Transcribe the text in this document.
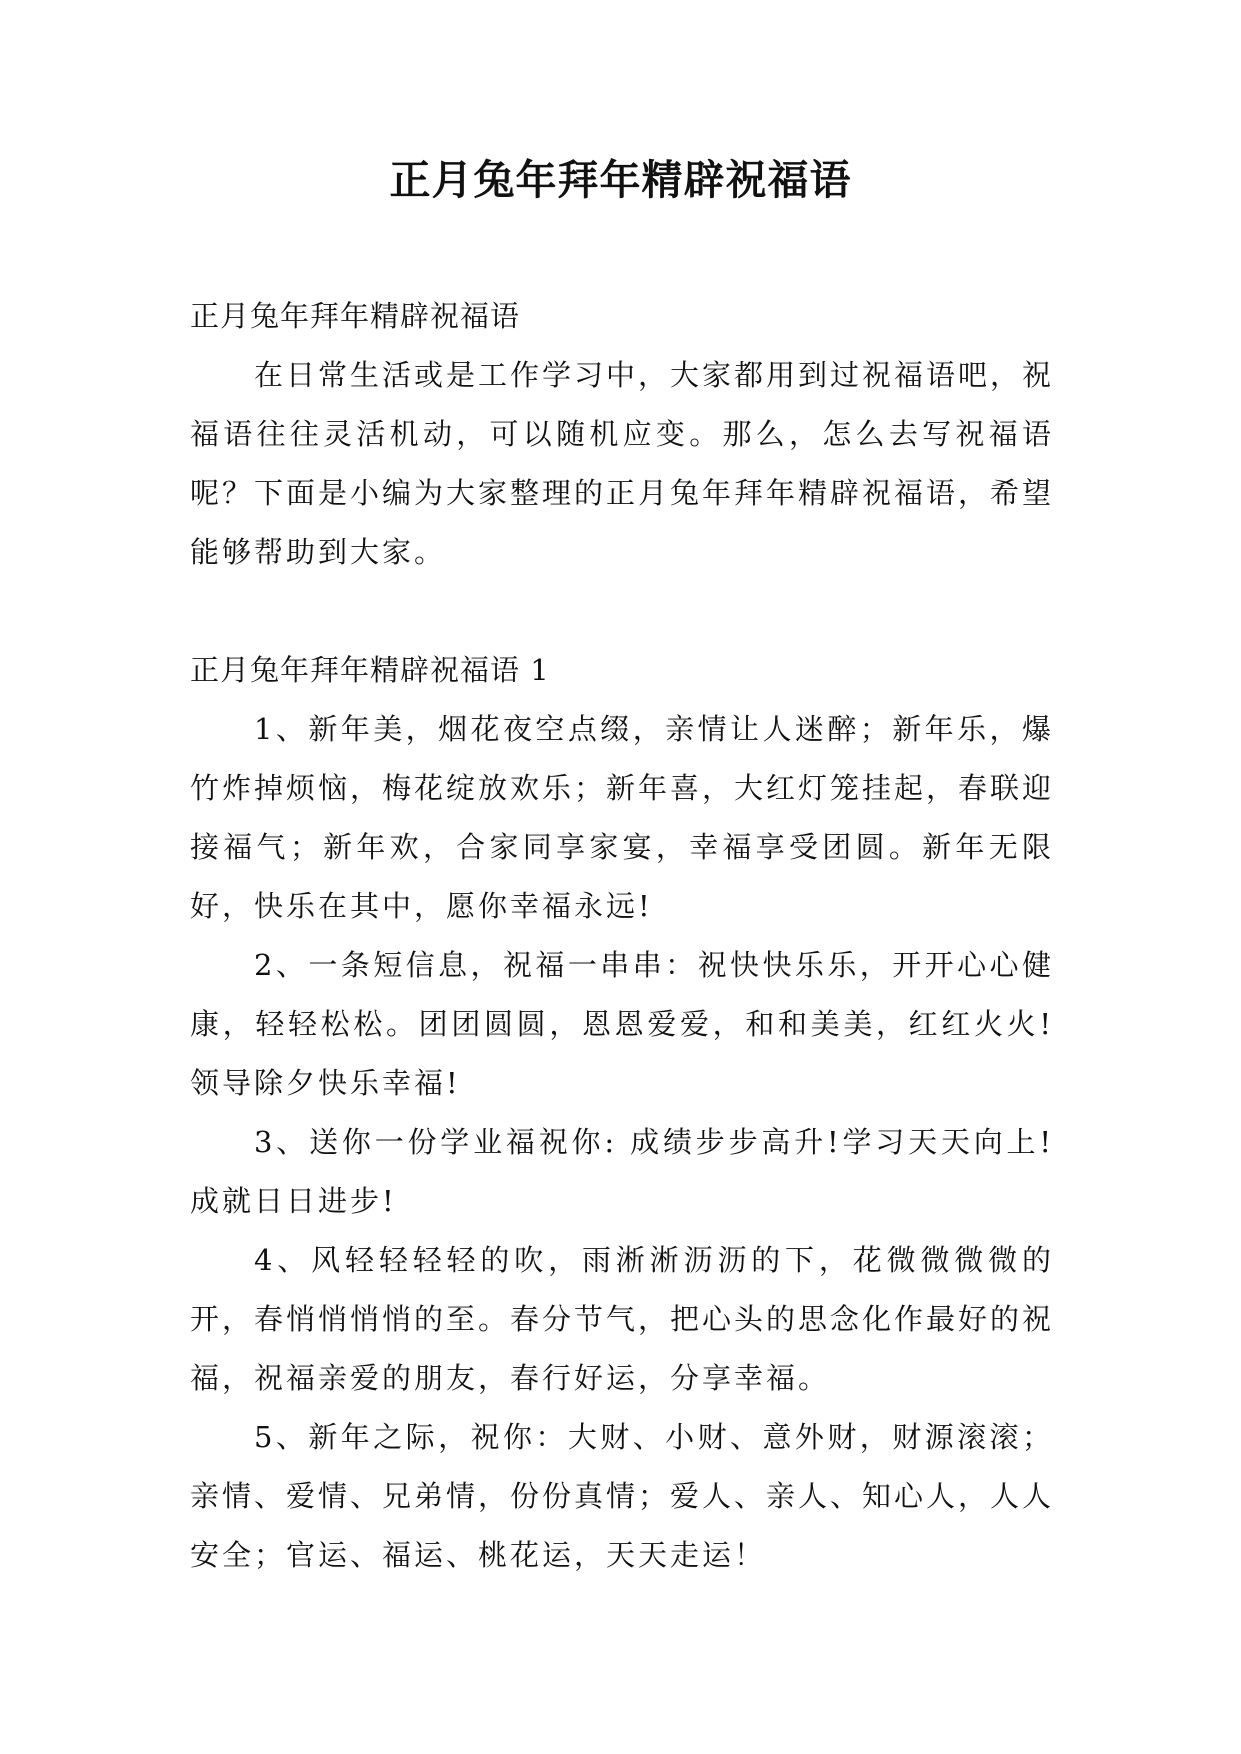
正月兔年拜年精辟祝福语

正月兔年拜年精辟祝福语

在日常生活或是工作学习中，大家都用到过祝福语吧，祝福语往往灵活机动，可以随机应变。那么，怎么去写祝福语呢？下面是小编为大家整理的正月兔年拜年精辟祝福语，希望能够帮助到大家。

正月兔年拜年精辟祝福语 1

1、新年美，烟花夜空点缀，亲情让人迷醉；新年乐，爆竹炸掉烦恼，梅花绽放欢乐；新年喜，大红灯笼挂起，春联迎接福气；新年欢，合家同享家宴，幸福享受团圆。新年无限好，快乐在其中，愿你幸福永远!

2、一条短信息，祝福一串串：祝快快乐乐，开开心心健康，轻轻松松。团团圆圆，恩恩爱爱，和和美美，红红火火!领导除夕快乐幸福!

3、送你一份学业福祝你: 成绩步步高升!学习天天向上!成就日日进步!

4、风轻轻轻轻的吹，雨淅淅沥沥的下，花微微微微的开，春悄悄悄悄的至。春分节气，把心头的思念化作最好的祝福，祝福亲爱的朋友，春行好运，分享幸福。

5、新年之际，祝你：大财、小财、意外财，财源滚滚；亲情、爱情、兄弟情，份份真情；爱人、亲人、知心人，人人安全；官运、福运、桃花运，天天走运！
